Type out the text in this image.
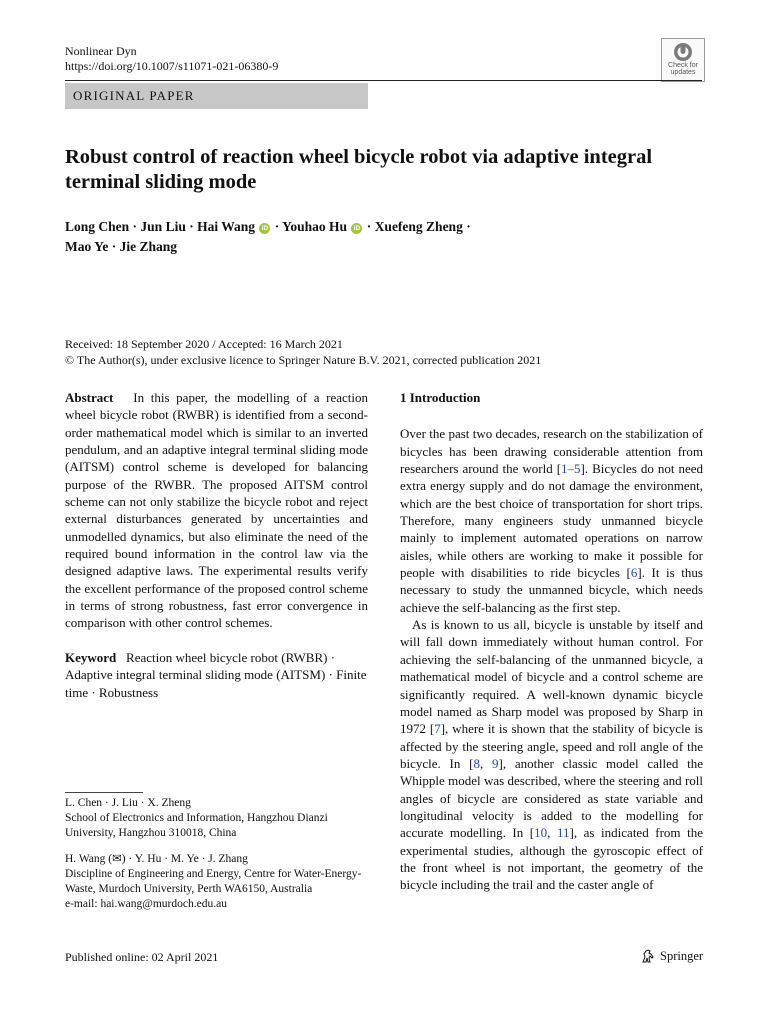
Nonlinear Dyn
https://doi.org/10.1007/s11071-021-06380-9	Check for
updates
ORIGINAL PAPER
Robust control of reaction wheel bicycle robot via adaptive integral terminal sliding mode
Long Chen · Jun Liu · Hai Wang iD · Youhao Hu iD · Xuefeng Zheng ·
Mao Ye · Jie Zhang
Received: 18 September 2020 / Accepted: 16 March 2021
© The Author(s), under exclusive licence to Springer Nature B.V. 2021, corrected publication 2021
Abstract In this paper, the modelling of a reaction wheel bicycle robot (RWBR) is identified from a second-order mathematical model which is similar to an inverted pendulum, and an adaptive integral terminal sliding mode (AITSM) control scheme is developed for balancing purpose of the RWBR. The proposed AITSM control scheme can not only stabilize the bicycle robot and reject external disturbances generated by uncertainties and unmodelled dynamics, but also eliminate the need of the required bound information in the control law via the designed adaptive laws. The experimental results verify the excellent performance of the proposed control scheme in terms of strong robustness, fast error convergence in comparison with other control schemes.
Keyword Reaction wheel bicycle robot (RWBR) · Adaptive integral terminal sliding mode (AITSM) · Finite time · Robustness
L. Chen · J. Liu · X. Zheng
School of Electronics and Information, Hangzhou Dianzi University, Hangzhou 310018, China
H. Wang (✉) · Y. Hu · M. Ye · J. Zhang
Discipline of Engineering and Energy, Centre for Water-Energy-Waste, Murdoch University, Perth WA6150, Australia
e-mail: hai.wang@murdoch.edu.au
1 Introduction
Over the past two decades, research on the stabilization of bicycles has been drawing considerable attention from researchers around the world [1–5]. Bicycles do not need extra energy supply and do not damage the environment, which are the best choice of transportation for short trips. Therefore, many engineers study unmanned bicycle mainly to implement automated operations on narrow aisles, while others are working to make it possible for people with disabilities to ride bicycles [6]. It is thus necessary to study the unmanned bicycle, which needs achieve the self-balancing as the first step.
As is known to us all, bicycle is unstable by itself and will fall down immediately without human control. For achieving the self-balancing of the unmanned bicycle, a mathematical model of bicycle and a control scheme are significantly required. A well-known dynamic bicycle model named as Sharp model was proposed by Sharp in 1972 [7], where it is shown that the stability of bicycle is affected by the steering angle, speed and roll angle of the bicycle. In [8, 9], another classic model called the Whipple model was described, where the steering and roll angles of bicycle are considered as state variable and longitudinal velocity is added to the modelling for accurate modelling. In [10, 11], as indicated from the experimental studies, although the gyroscopic effect of the front wheel is not important, the geometry of the bicycle including the trail and the caster angle of
Published online: 02 April 2021	Springer
